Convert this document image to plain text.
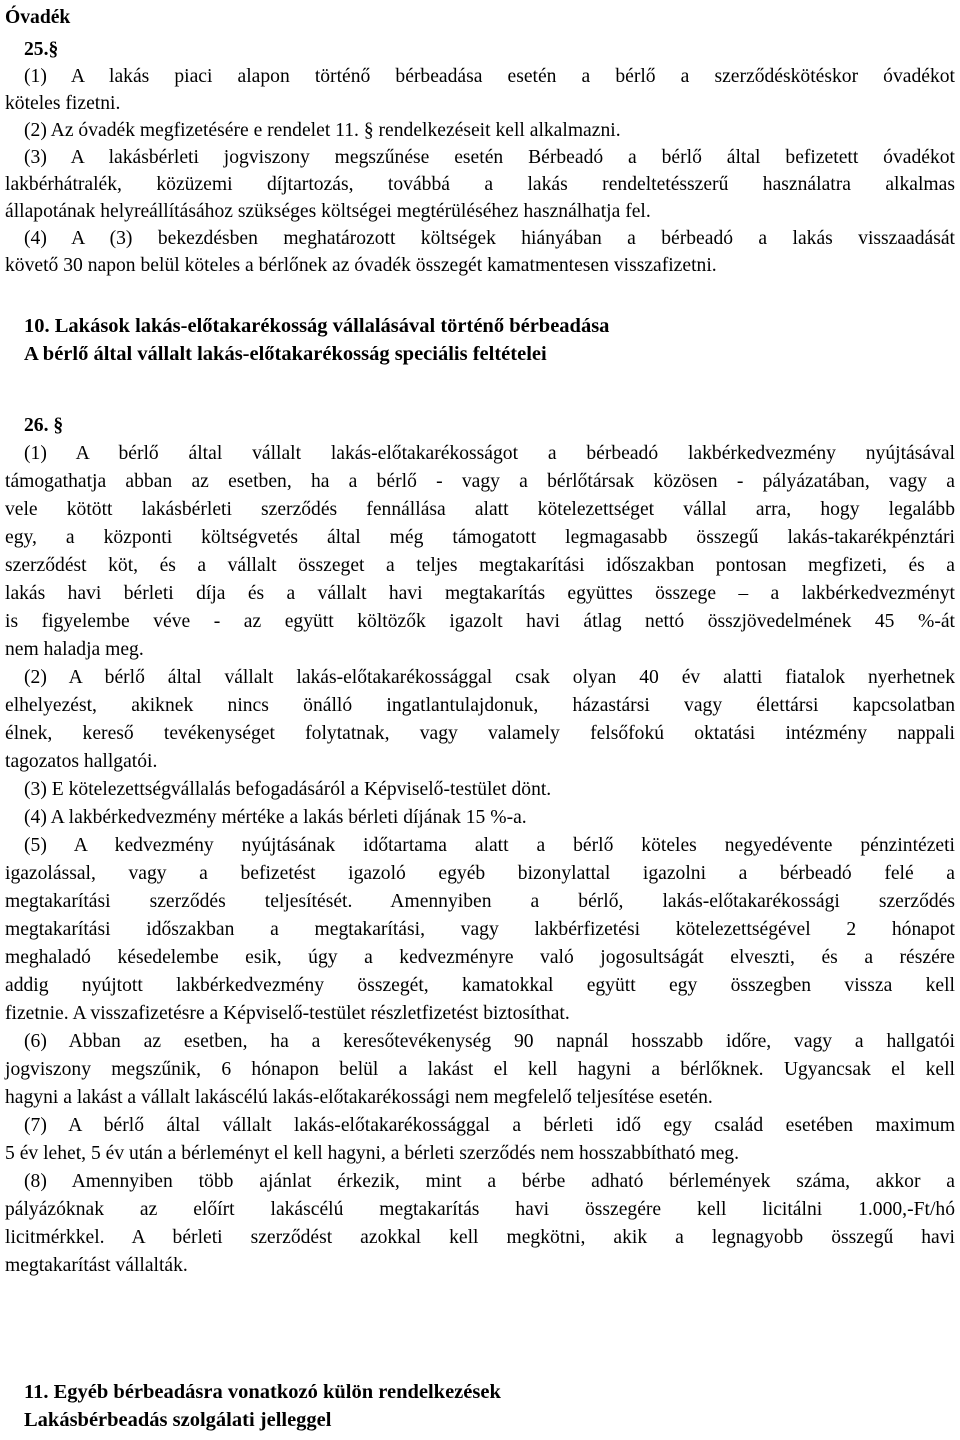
Óvadék
25.§
(1) A lakás piaci alapon történő bérbeadása esetén a bérlő a szerződéskötéskor óvadékot
köteles fizetni.
(2) Az óvadék megfizetésére e rendelet 11. § rendelkezéseit kell alkalmazni.
(3) A lakásbérleti jogviszony megszűnése esetén Bérbeadó a bérlő által befizetett óvadékot
lakbérhátralék, közüzemi díjtartozás, továbbá a lakás rendeltetésszerű használatra alkalmas
állapotának helyreállításához szükséges költségei megtérüléséhez használhatja fel.
(4) A (3) bekezdésben meghatározott költségek hiányában a bérbeadó a lakás visszaadását
követő 30 napon belül köteles a bérlőnek az óvadék összegét kamatmentesen visszafizetni.
10. Lakások lakás-előtakarékosság vállalásával történő bérbeadása
A bérlő által vállalt lakás-előtakarékosság speciális feltételei
26. §
(1) A bérlő által vállalt lakás-előtakarékosságot a bérbeadó lakbérkedvezmény nyújtásával
támogathatja abban az esetben, ha a bérlő - vagy a bérlőtársak közösen - pályázatában, vagy a
vele kötött lakásbérleti szerződés fennállása alatt kötelezettséget vállal arra, hogy legalább
egy, a központi költségvetés által még támogatott legmagasabb összegű lakás-takarékpénztári
szerződést köt, és a vállalt összeget a teljes megtakarítási időszakban pontosan megfizeti, és a
lakás havi bérleti díja és a vállalt havi megtakarítás együttes összege – a lakbérkedvezményt
is figyelembe véve - az együtt költözők igazolt havi átlag nettó összjövedelmének 45 %-át
nem haladja meg.
(2) A bérlő által vállalt lakás-előtakarékossággal csak olyan 40 év alatti fiatalok nyerhetnek
elhelyezést, akiknek nincs önálló ingatlantulajdonuk, házastársi vagy élettársi kapcsolatban
élnek, kereső tevékenységet folytatnak, vagy valamely felsőfokú oktatási intézmény nappali
tagozatos hallgatói.
(3) E kötelezettségvállalás befogadásáról a Képviselő-testület dönt.
(4) A lakbérkedvezmény mértéke a lakás bérleti díjának 15 %-a.
(5) A kedvezmény nyújtásának időtartama alatt a bérlő köteles negyedévente pénzintézeti
igazolással, vagy a befizetést igazoló egyéb bizonylattal igazolni a bérbeadó felé a
megtakarítási szerződés teljesítését. Amennyiben a bérlő, lakás-előtakarékossági szerződés
megtakarítási időszakban a megtakarítási, vagy lakbérfizetési kötelezettségével 2 hónapot
meghaladó késedelembe esik, úgy a kedvezményre való jogosultságát elveszti, és a részére
addig nyújtott lakbérkedvezmény összegét, kamatokkal együtt egy összegben vissza kell
fizetnie. A visszafizetésre a Képviselő-testület részletfizetést biztosíthat.
(6) Abban az esetben, ha a keresőtevékenység 90 napnál hosszabb időre, vagy a hallgatói
jogviszony megszűnik, 6 hónapon belül a lakást el kell hagyni a bérlőknek. Ugyancsak el kell
hagyni a lakást a vállalt lakáscélú lakás-előtakarékossági nem megfelelő teljesítése esetén.
(7) A bérlő által vállalt lakás-előtakarékossággal a bérleti idő egy család esetében maximum
5 év lehet, 5 év után a bérleményt el kell hagyni, a bérleti szerződés nem hosszabbítható meg.
(8) Amennyiben több ajánlat érkezik, mint a bérbe adható bérlemények száma, akkor a
pályázóknak az előírt lakáscélú megtakarítás havi összegére kell licitálni 1.000,-Ft/hó
licitmérkkel. A bérleti szerződést azokkal kell megkötni, akik a legnagyobb összegű havi
megtakarítást vállalták.
11. Egyéb bérbeadásra vonatkozó külön rendelkezések
Lakásbérbeadás szolgálati jelleggel
